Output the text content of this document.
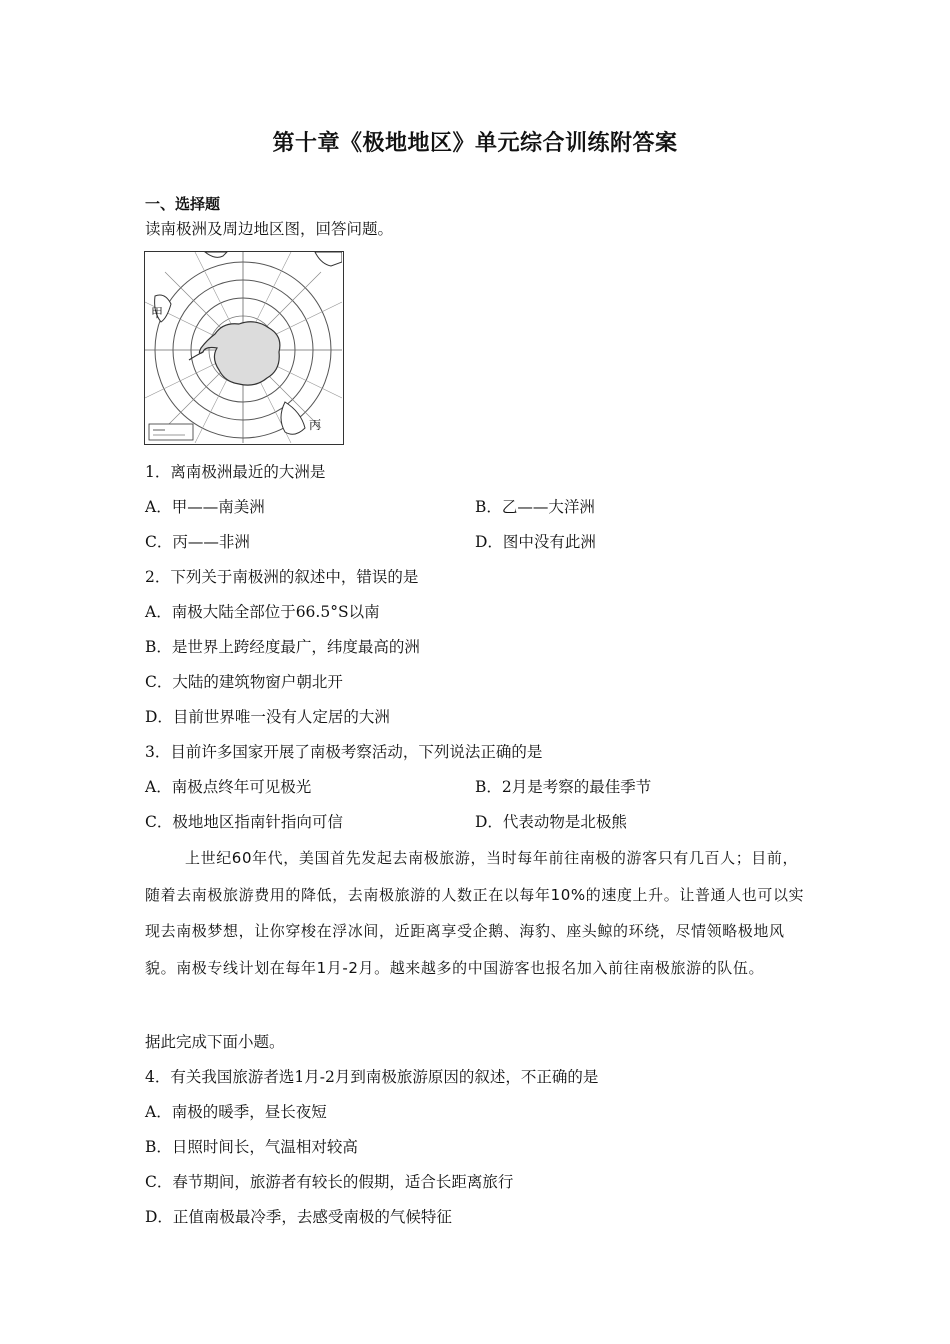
第十章《极地地区》单元综合训练附答案
一、选择题
读南极洲及周边地区图，回答问题。
甲
丙
1．离南极洲最近的大洲是
A．甲——南美洲	B．乙——大洋洲
C．丙——非洲	D．图中没有此洲
2．下列关于南极洲的叙述中，错误的是
A．南极大陆全部位于66.5°S以南
B．是世界上跨经度最广，纬度最高的洲
C．大陆的建筑物窗户朝北开
D．目前世界唯一没有人定居的大洲
3．目前许多国家开展了南极考察活动，下列说法正确的是
A．南极点终年可见极光	B．2月是考察的最佳季节
C．极地地区指南针指向可信	D．代表动物是北极熊
上世纪60年代，美国首先发起去南极旅游，当时每年前往南极的游客只有几百人；目前，随着去南极旅游费用的降低，去南极旅游的人数正在以每年10%的速度上升。让普通人也可以实现去南极梦想，让你穿梭在浮冰间，近距离享受企鹅、海豹、座头鲸的环绕，尽情领略极地风貌。南极专线计划在每年1月-2月。越来越多的中国游客也报名加入前往南极旅游的队伍。
据此完成下面小题。
4．有关我国旅游者选1月-2月到南极旅游原因的叙述，不正确的是
A．南极的暖季，昼长夜短
B．日照时间长，气温相对较高
C．春节期间，旅游者有较长的假期，适合长距离旅行
D．正值南极最冷季，去感受南极的气候特征
